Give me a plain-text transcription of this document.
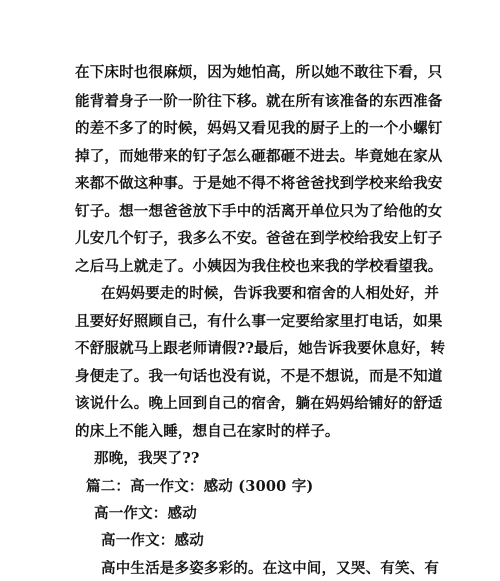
在下床时也很麻烦，因为她怕高，所以她不敢往下看，只
能背着身子一阶一阶往下移。就在所有该准备的东西准备
的差不多了的时候，妈妈又看见我的厨子上的一个小螺钉
掉了，而她带来的钉子怎么砸都砸不进去。毕竟她在家从
来都不做这种事。于是她不得不将爸爸找到学校来给我安
钉子。想一想爸爸放下手中的活离开单位只为了给他的女
儿安几个钉子，我多么不安。爸爸在到学校给我安上钉子
之后马上就走了。小姨因为我住校也来我的学校看望我。
在妈妈要走的时候，告诉我要和宿舍的人相处好，并
且要好好照顾自己，有什么事一定要给家里打电话，如果
不舒服就马上跟老师请假??最后，她告诉我要休息好，转
身便走了。我一句话也没有说，不是不想说，而是不知道
该说什么。晚上回到自己的宿舍，躺在妈妈给铺好的舒适
的床上不能入睡，想自己在家时的样子。
那晚，我哭了??
篇二：高一作文：感动 (3000 字)
高一作文：感动
高一作文：感动
高中生活是多姿多彩的。在这中间，又哭、有笑、有
